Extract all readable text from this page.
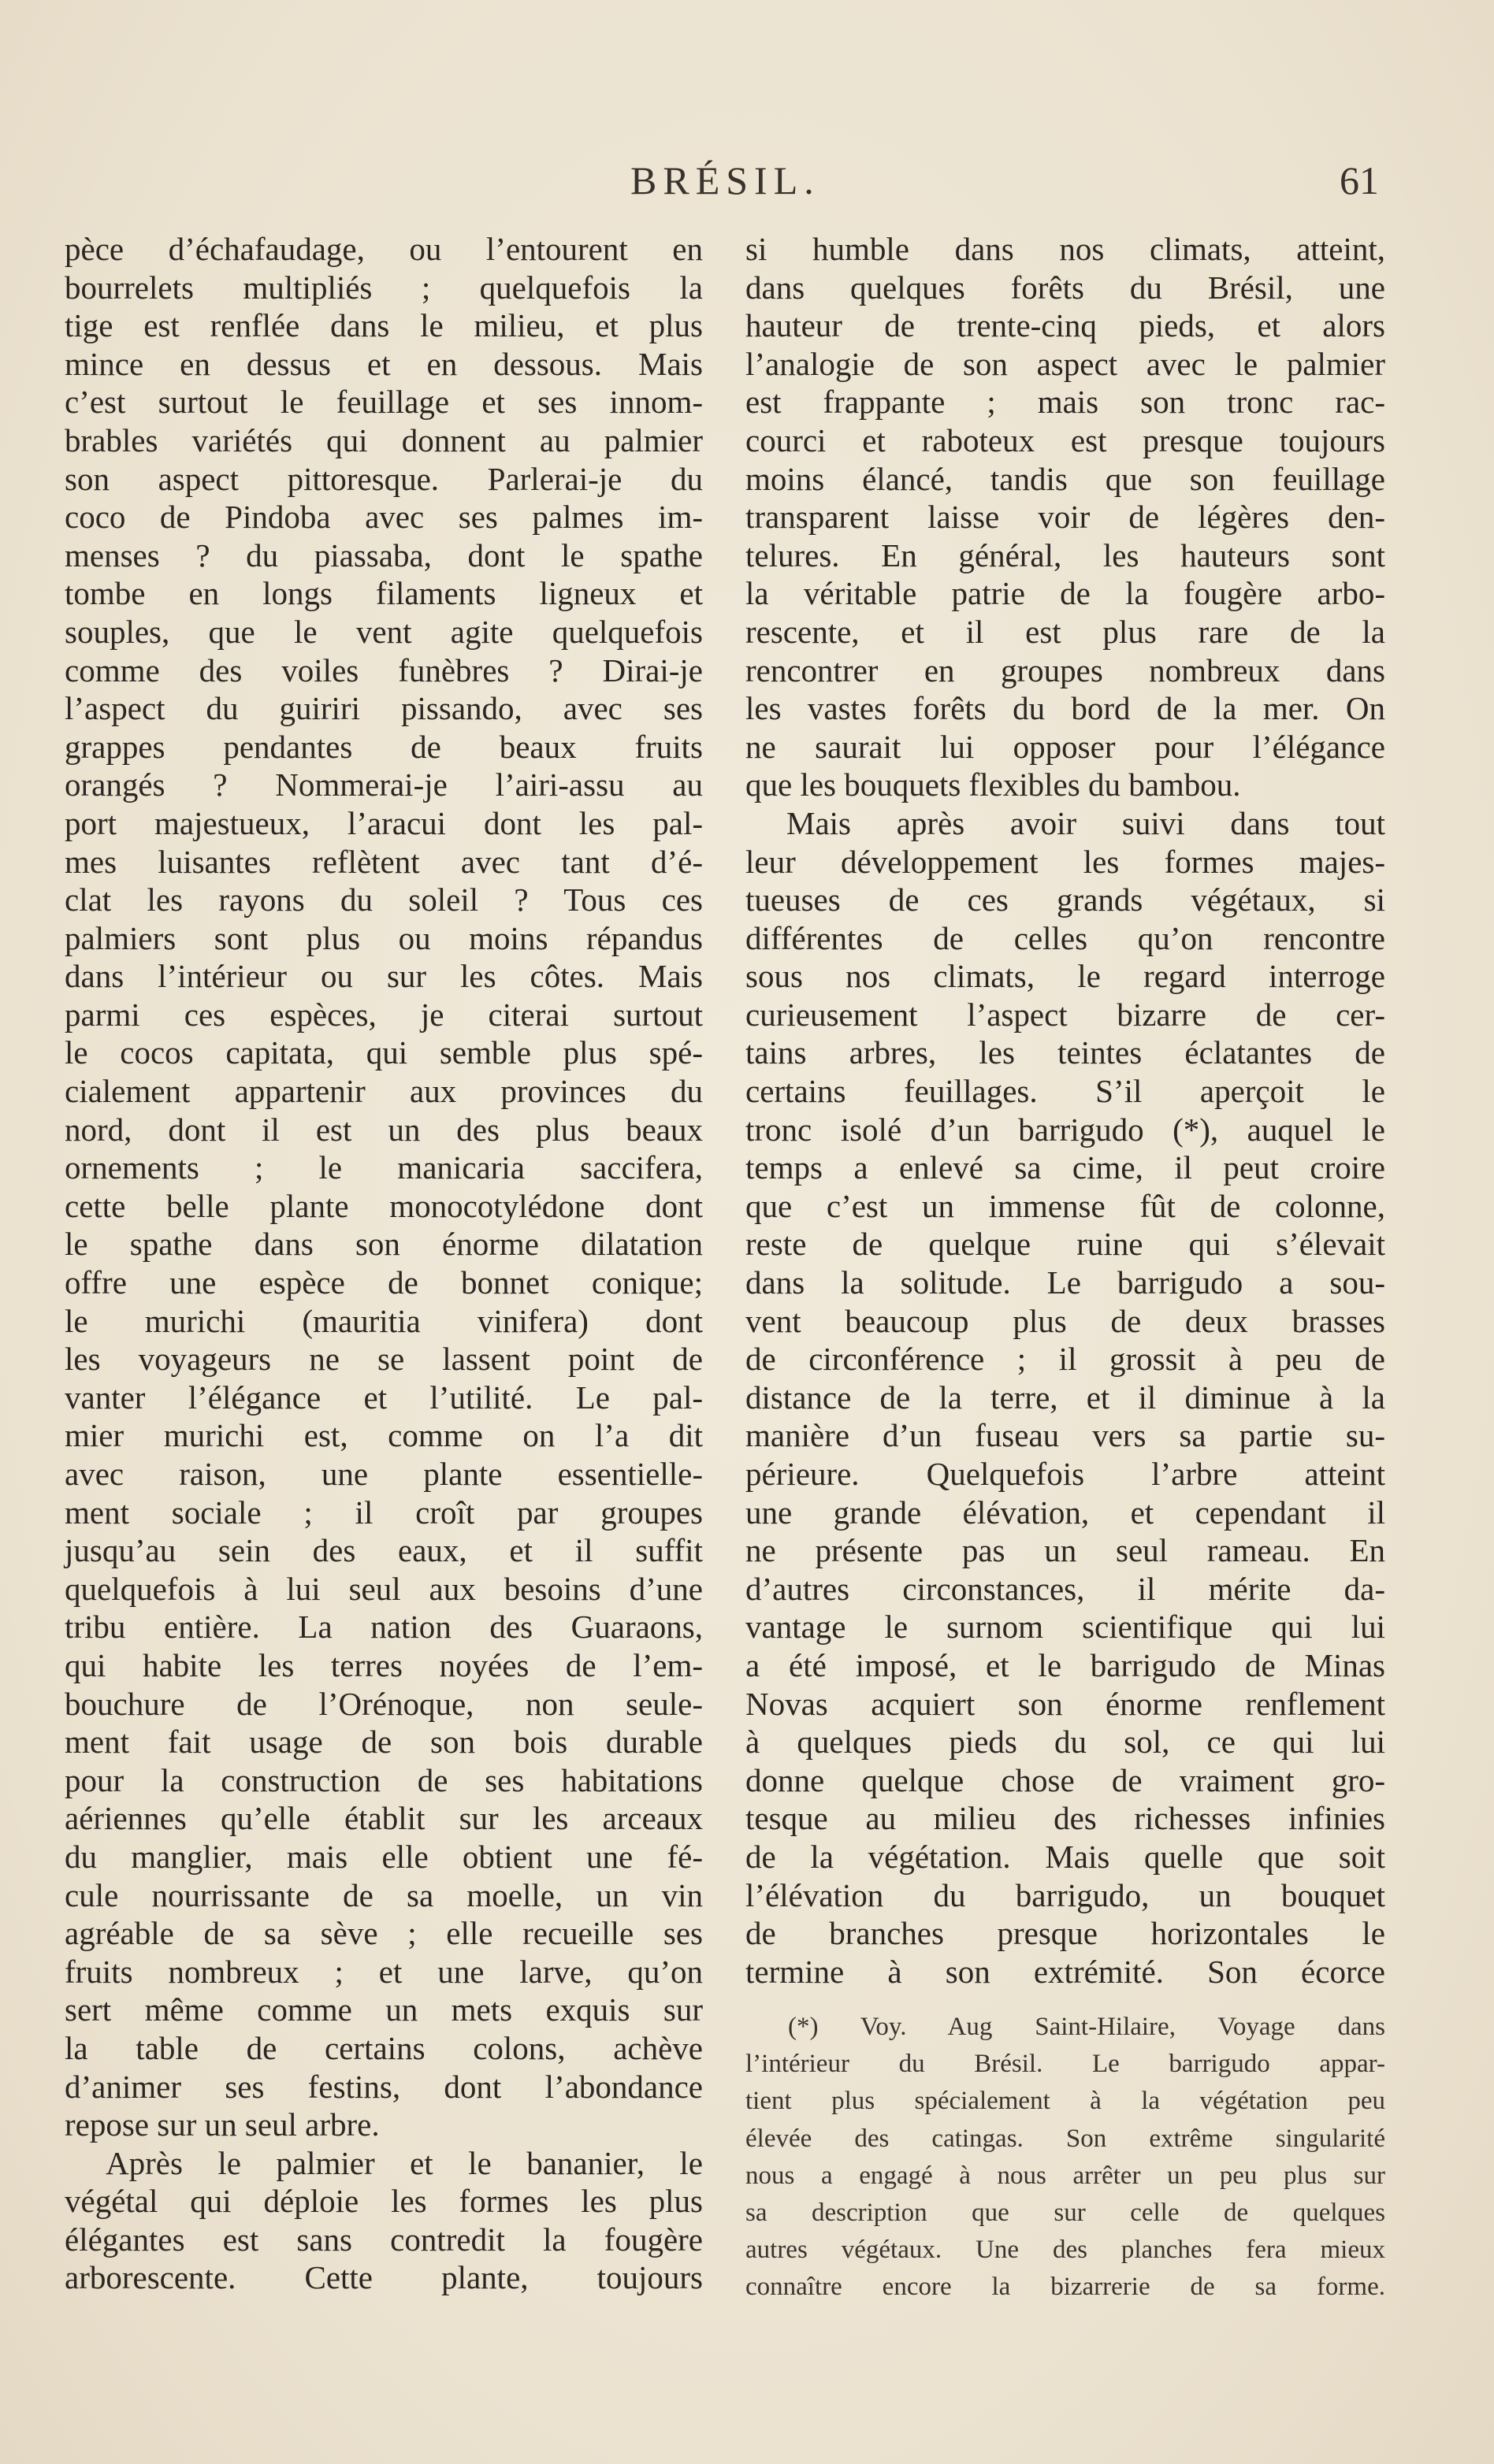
BRÉSIL.	61
pèce d’échafaudage, ou l’entourent en
bourrelets multipliés ; quelquefois la
tige est renflée dans le milieu, et plus
mince en dessus et en dessous. Mais
c’est surtout le feuillage et ses innom-
brables variétés qui donnent au palmier
son aspect pittoresque. Parlerai-je du
coco de Pindoba avec ses palmes im-
menses ? du piassaba, dont le spathe
tombe en longs filaments ligneux et
souples, que le vent agite quelquefois
comme des voiles funèbres ? Dirai-je
l’aspect du guiriri pissando, avec ses
grappes pendantes de beaux fruits
orangés ? Nommerai-je l’airi-assu au
port majestueux, l’aracui dont les pal-
mes luisantes reflètent avec tant d’é-
clat les rayons du soleil ? Tous ces
palmiers sont plus ou moins répandus
dans l’intérieur ou sur les côtes. Mais
parmi ces espèces, je citerai surtout
le cocos capitata, qui semble plus spé-
cialement appartenir aux provinces du
nord, dont il est un des plus beaux
ornements ; le manicaria saccifera,
cette belle plante monocotylédone dont
le spathe dans son énorme dilatation
offre une espèce de bonnet conique;
le murichi (mauritia vinifera) dont
les voyageurs ne se lassent point de
vanter l’élégance et l’utilité. Le pal-
mier murichi est, comme on l’a dit
avec raison, une plante essentielle-
ment sociale ; il croît par groupes
jusqu’au sein des eaux, et il suffit
quelquefois à lui seul aux besoins d’une
tribu entière. La nation des Guaraons,
qui habite les terres noyées de l’em-
bouchure de l’Orénoque, non seule-
ment fait usage de son bois durable
pour la construction de ses habitations
aériennes qu’elle établit sur les arceaux
du manglier, mais elle obtient une fé-
cule nourrissante de sa moelle, un vin
agréable de sa sève ; elle recueille ses
fruits nombreux ; et une larve, qu’on
sert même comme un mets exquis sur
la table de certains colons, achève
d’animer ses festins, dont l’abondance
repose sur un seul arbre.
Après le palmier et le bananier, le
végétal qui déploie les formes les plus
élégantes est sans contredit la fougère
arborescente. Cette plante, toujours
si humble dans nos climats, atteint,
dans quelques forêts du Brésil, une
hauteur de trente-cinq pieds, et alors
l’analogie de son aspect avec le palmier
est frappante ; mais son tronc rac-
courci et raboteux est presque toujours
moins élancé, tandis que son feuillage
transparent laisse voir de légères den-
telures. En général, les hauteurs sont
la véritable patrie de la fougère arbo-
rescente, et il est plus rare de la
rencontrer en groupes nombreux dans
les vastes forêts du bord de la mer. On
ne saurait lui opposer pour l’élégance
que les bouquets flexibles du bambou.
Mais après avoir suivi dans tout
leur développement les formes majes-
tueuses de ces grands végétaux, si
différentes de celles qu’on rencontre
sous nos climats, le regard interroge
curieusement l’aspect bizarre de cer-
tains arbres, les teintes éclatantes de
certains feuillages. S’il aperçoit le
tronc isolé d’un barrigudo (*), auquel le
temps a enlevé sa cime, il peut croire
que c’est un immense fût de colonne,
reste de quelque ruine qui s’élevait
dans la solitude. Le barrigudo a sou-
vent beaucoup plus de deux brasses
de circonférence ; il grossit à peu de
distance de la terre, et il diminue à la
manière d’un fuseau vers sa partie su-
périeure. Quelquefois l’arbre atteint
une grande élévation, et cependant il
ne présente pas un seul rameau. En
d’autres circonstances, il mérite da-
vantage le surnom scientifique qui lui
a été imposé, et le barrigudo de Minas
Novas acquiert son énorme renflement
à quelques pieds du sol, ce qui lui
donne quelque chose de vraiment gro-
tesque au milieu des richesses infinies
de la végétation. Mais quelle que soit
l’élévation du barrigudo, un bouquet
de branches presque horizontales le
termine à son extrémité. Son écorce
(*) Voy. Aug Saint-Hilaire, Voyage dans
l’intérieur du Brésil. Le barrigudo appar-
tient plus spécialement à la végétation peu
élevée des catingas. Son extrême singularité
nous a engagé à nous arrêter un peu plus sur
sa description que sur celle de quelques
autres végétaux. Une des planches fera mieux
connaître encore la bizarrerie de sa forme.
